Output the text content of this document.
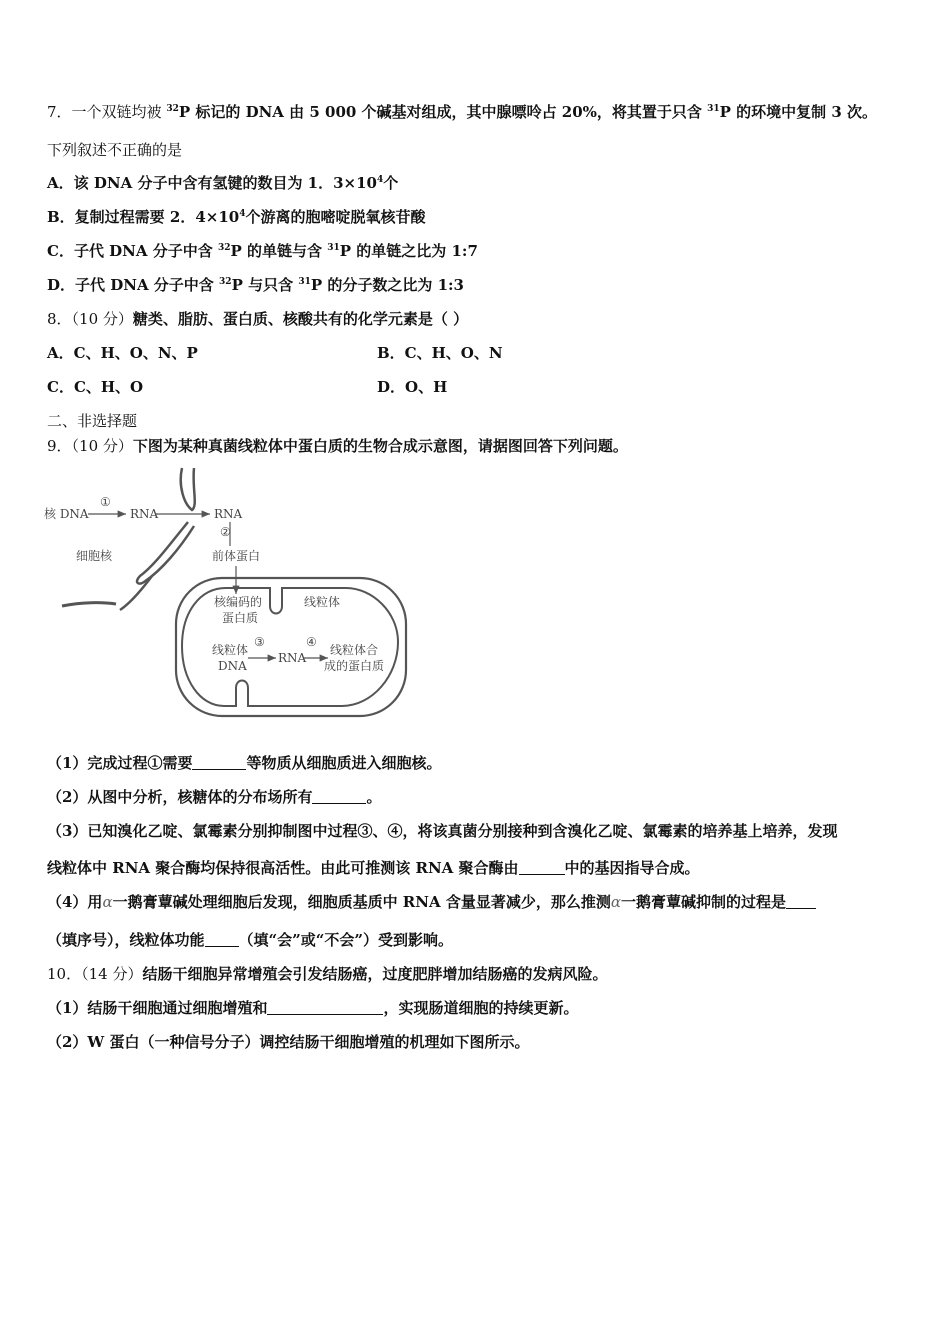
7．一个双链均被 $^{32}$P 标记的 DNA 由 5 000 个碱基对组成，其中腺嘌呤占 20%，将其置于只含 $^{31}$P 的环境中复制 3 次。
下列叙述不正确的是
A．该 DNA 分子中含有氢键的数目为 1．$3\times 10^4$个
B．复制过程需要 2．$4\times 10^4$个游离的胞嘧啶脱氧核苷酸
C．子代 DNA 分子中含 $^{32}$P 的单链与含 $^{31}$P 的单链之比为 1:7
D．子代 DNA 分子中含 $^{32}$P 与只含 $^{31}$P 的分子数之比为 1:3
8．（10 分）糖类、脂肪、蛋白质、核酸共有的化学元素是（ ）
A．C、H、O、N、P	B．C、H、O、N
C．C、H、O	D．O、H
二、非选择题
9．（10 分）下图为某种真菌线粒体中蛋白质的生物合成示意图，请据图回答下列问题。
核 DNA
①
RNA	RNA
②
细胞核	前体蛋白
核编码的
蛋白质
线粒体
线粒体
DNA
③
RNA
④
线粒体合
成的蛋白质
（1）完成过程①需要	等物质从细胞质进入细胞核。
（2）从图中分析，核糖体的分布场所有	。
（3）已知溴化乙啶、氯霉素分别抑制图中过程③、④，将该真菌分别接种到含溴化乙啶、氯霉素的培养基上培养，发现
线粒体中 RNA 聚合酶均保持很高活性。由此可推测该 RNA 聚合酶由	中的基因指导合成。
（4）用α一鹅膏蕈碱处理细胞后发现，细胞质基质中 RNA 含量显著减少，那么推测α一鹅膏蕈碱抑制的过程是
（填序号），线粒体功能 （填“会”或“不会”）受到影响。
10．（14 分）结肠干细胞异常增殖会引发结肠癌，过度肥胖增加结肠癌的发病风险。
（1）结肠干细胞通过细胞增殖和	，实现肠道细胞的持续更新。
（2）W 蛋白（一种信号分子）调控结肠干细胞增殖的机理如下图所示。
